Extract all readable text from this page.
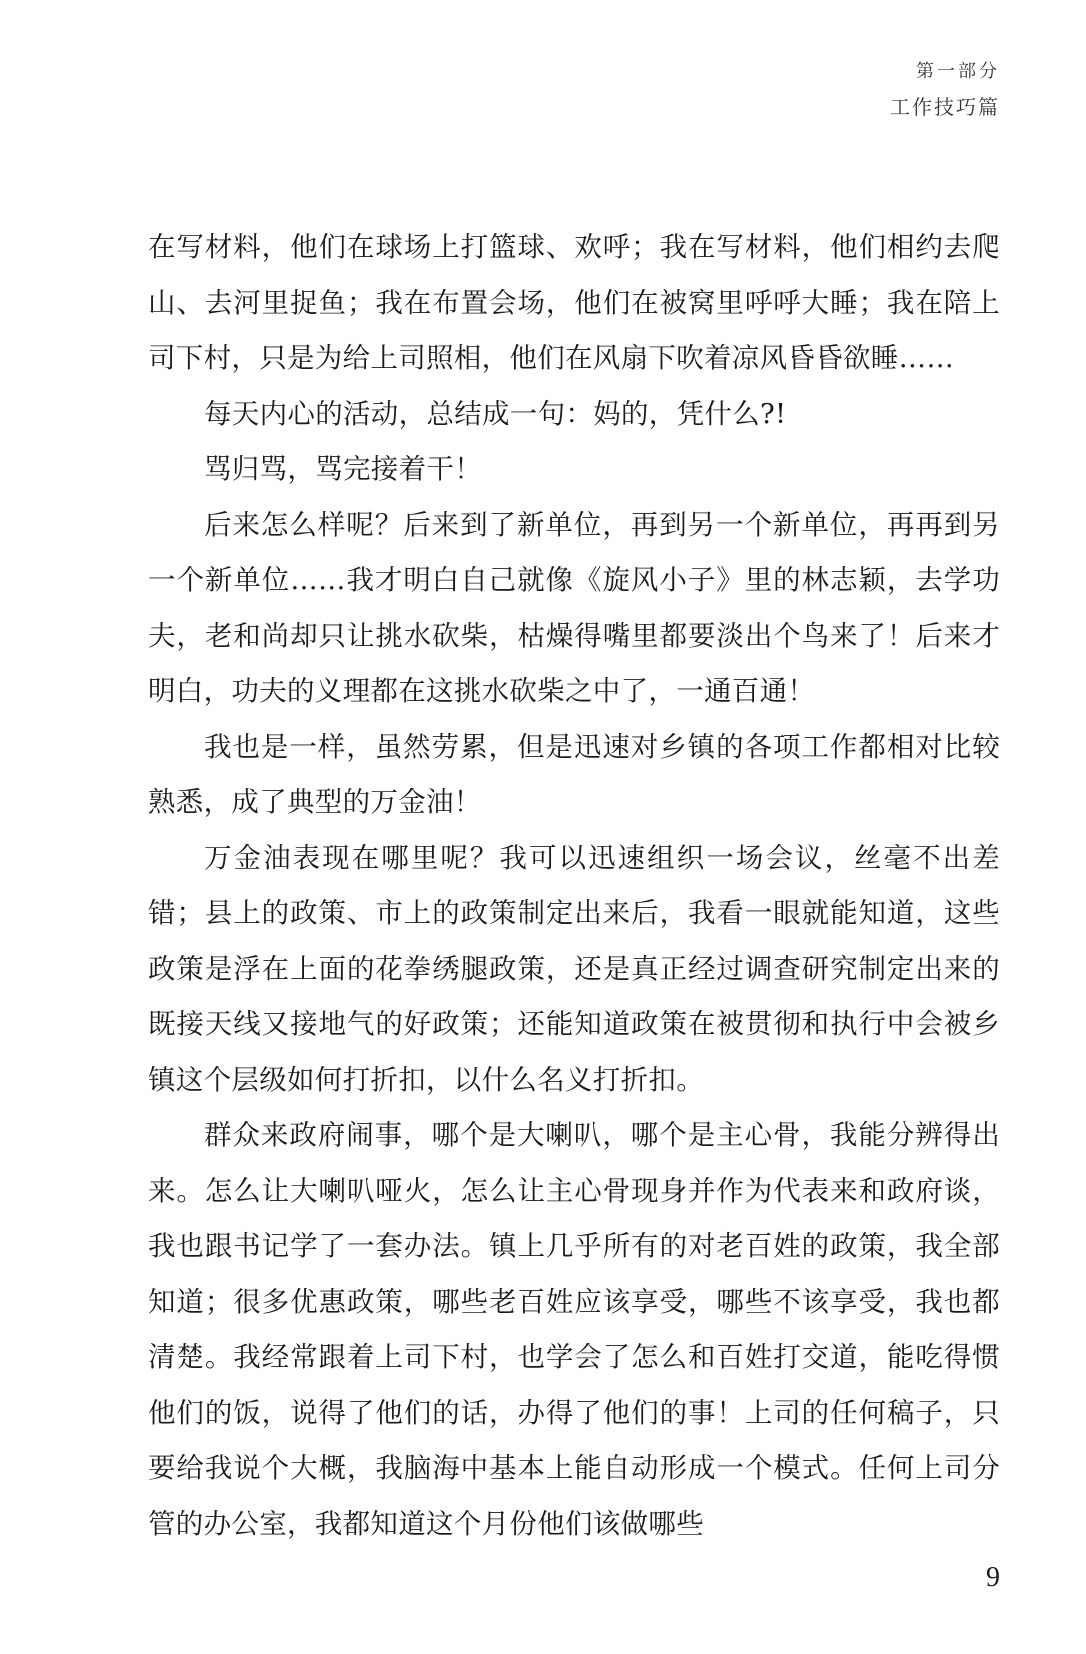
第一部分
工作技巧篇

在写材料，他们在球场上打篮球、欢呼；我在写材料，他们相约去爬山、去河里捉鱼；我在布置会场，他们在被窝里呼呼大睡；我在陪上司下村，只是为给上司照相，他们在风扇下吹着凉风昏昏欲睡……

每天内心的活动，总结成一句：妈的，凭什么?!

骂归骂，骂完接着干！

后来怎么样呢？后来到了新单位，再到另一个新单位，再再到另一个新单位……我才明白自己就像《旋风小子》里的林志颖，去学功夫，老和尚却只让挑水砍柴，枯燥得嘴里都要淡出个鸟来了！后来才明白，功夫的义理都在这挑水砍柴之中了，一通百通！

我也是一样，虽然劳累，但是迅速对乡镇的各项工作都相对比较熟悉，成了典型的万金油！

万金油表现在哪里呢？我可以迅速组织一场会议，丝毫不出差错；县上的政策、市上的政策制定出来后，我看一眼就能知道，这些政策是浮在上面的花拳绣腿政策，还是真正经过调查研究制定出来的既接天线又接地气的好政策；还能知道政策在被贯彻和执行中会被乡镇这个层级如何打折扣，以什么名义打折扣。

群众来政府闹事，哪个是大喇叭，哪个是主心骨，我能分辨得出来。怎么让大喇叭哑火，怎么让主心骨现身并作为代表来和政府谈，我也跟书记学了一套办法。镇上几乎所有的对老百姓的政策，我全部知道；很多优惠政策，哪些老百姓应该享受，哪些不该享受，我也都清楚。我经常跟着上司下村，也学会了怎么和百姓打交道，能吃得惯他们的饭，说得了他们的话，办得了他们的事！上司的任何稿子，只要给我说个大概，我脑海中基本上能自动形成一个模式。任何上司分管的办公室，我都知道这个月份他们该做哪些

9
